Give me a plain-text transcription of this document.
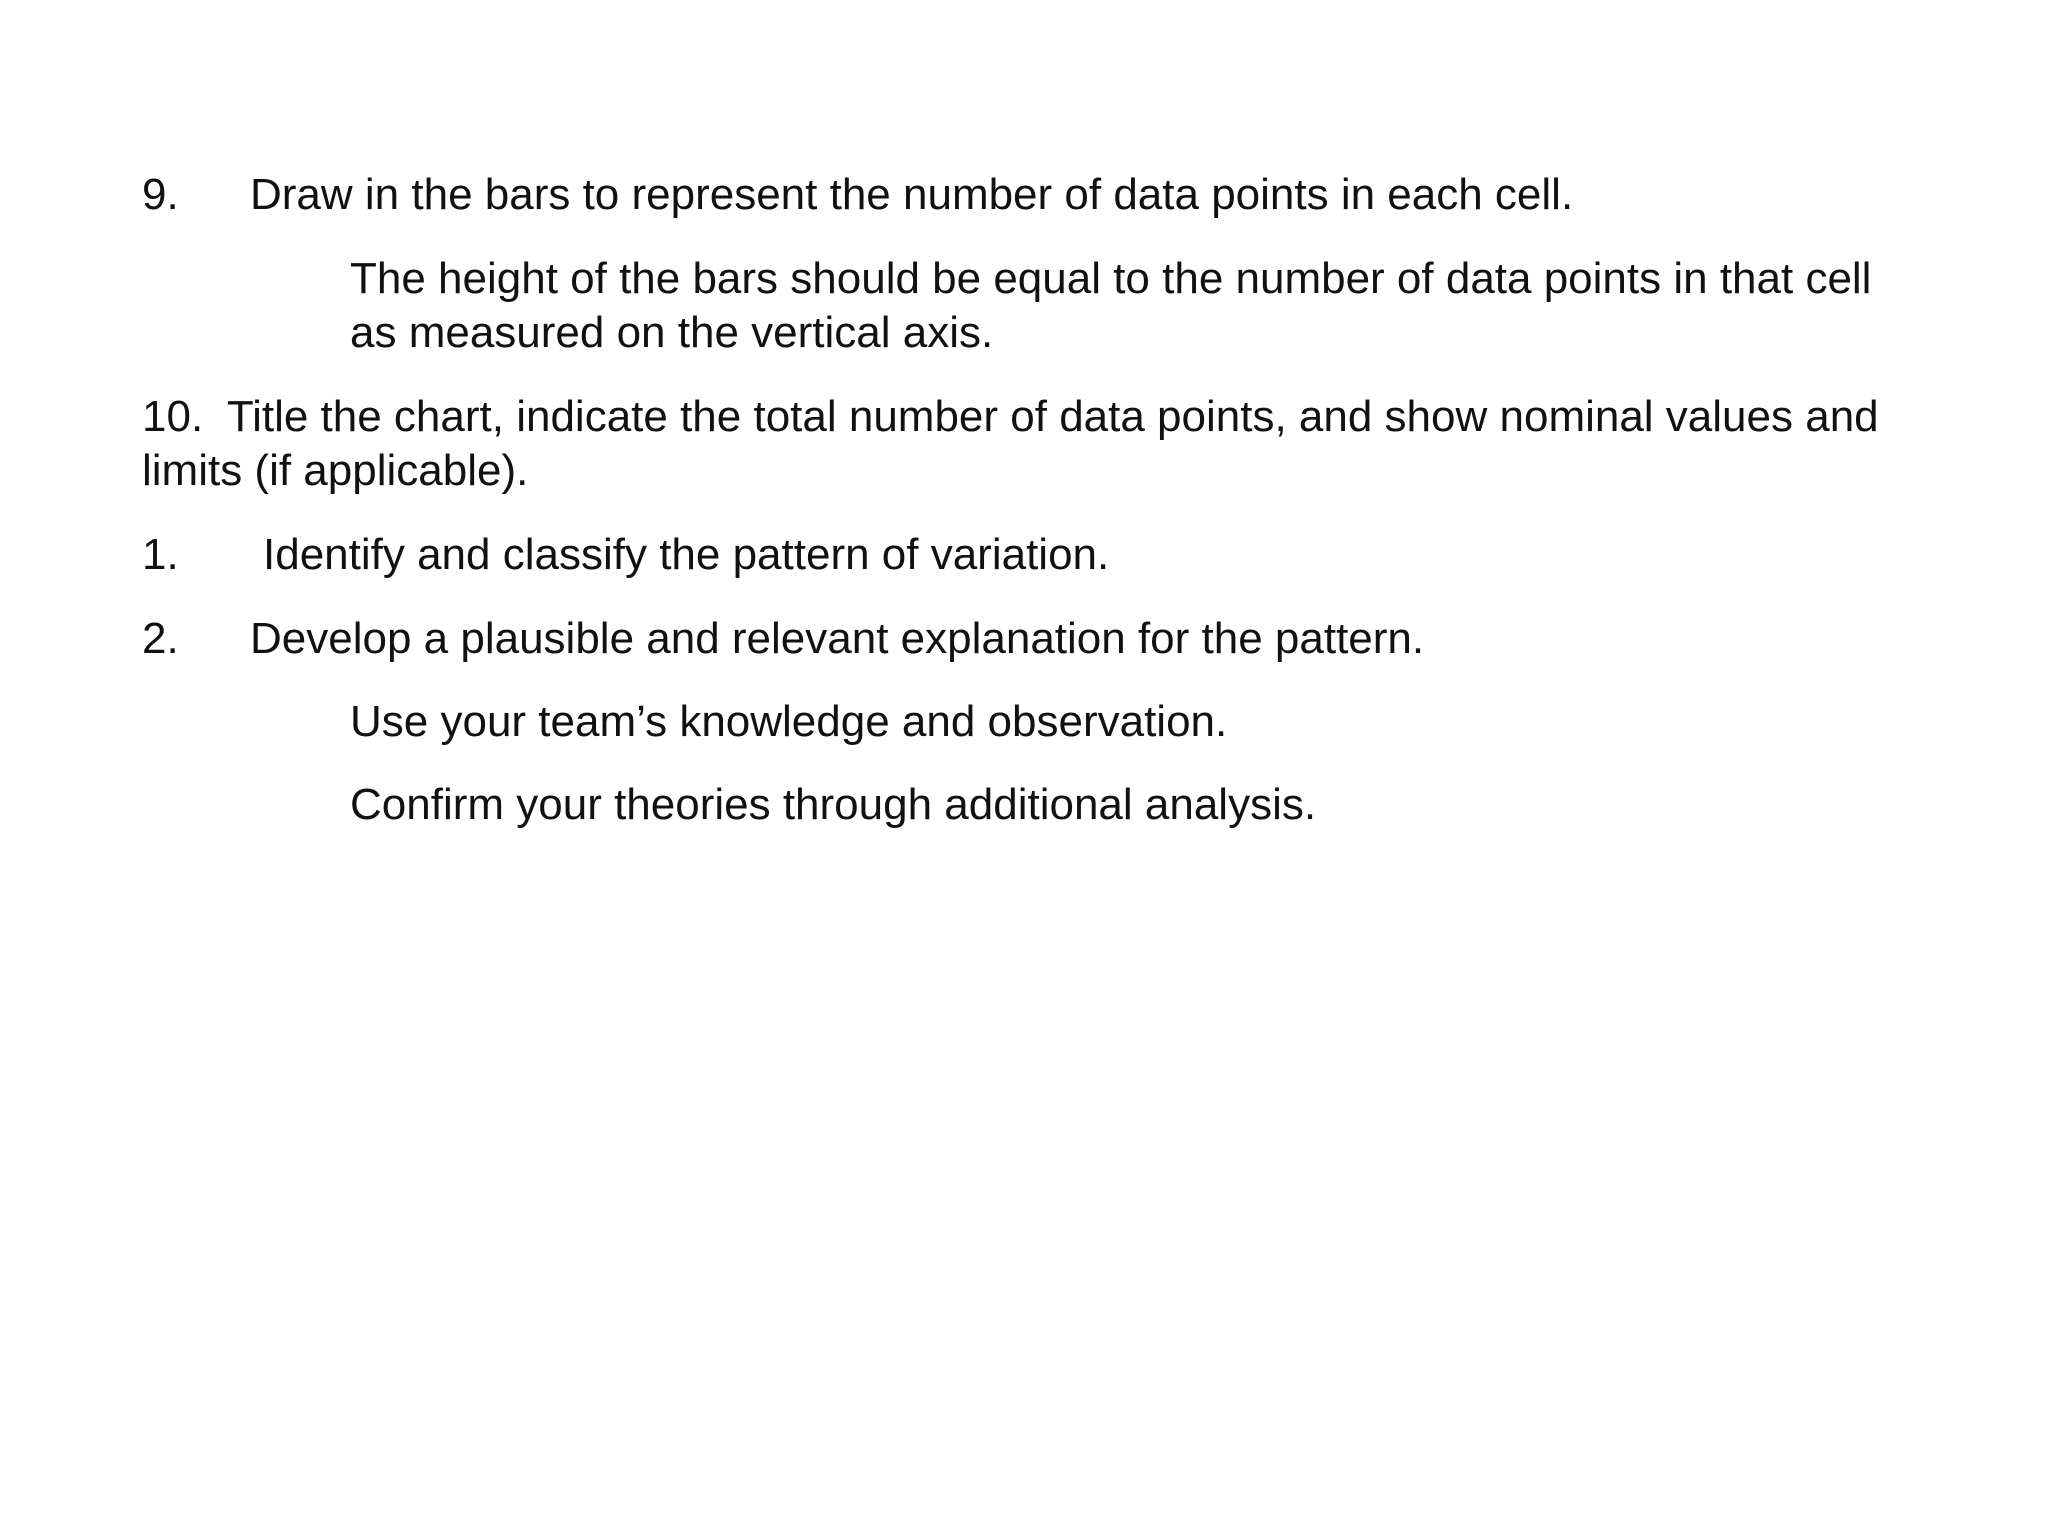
9. Draw in the bars to represent the number of data points in each cell.
The height of the bars should be equal to the number of data points in that cell as measured on the vertical axis.
10. Title the chart, indicate the total number of data points, and show nominal values and limits (if applicable).
1. Identify and classify the pattern of variation.
2. Develop a plausible and relevant explanation for the pattern.
Use your team’s knowledge and observation.
Confirm your theories through additional analysis.
